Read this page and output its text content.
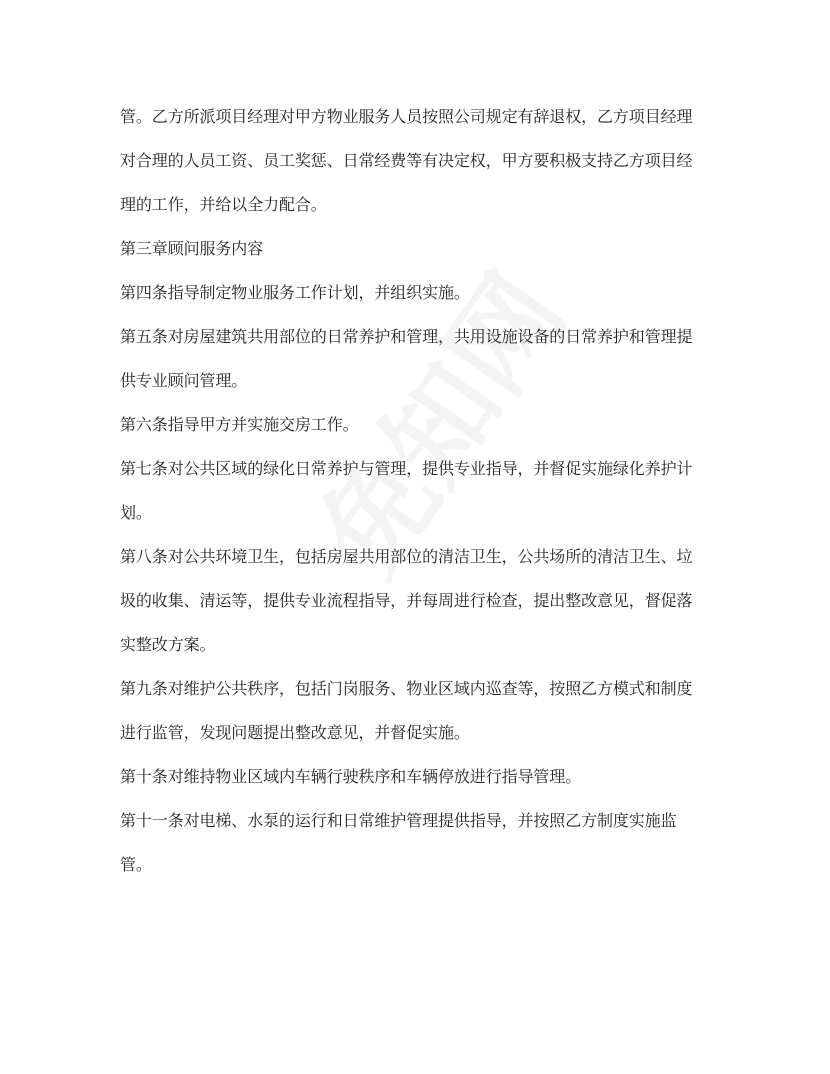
管。乙方所派项目经理对甲方物业服务人员按照公司规定有辞退权，乙方项目经理
对合理的人员工资、员工奖惩、日常经费等有决定权，甲方要积极支持乙方项目经
理的工作，并给以全力配合。
第三章顾问服务内容
第四条指导制定物业服务工作计划，并组织实施。
第五条对房屋建筑共用部位的日常养护和管理，共用设施设备的日常养护和管理提
供专业顾问管理。
第六条指导甲方并实施交房工作。
第七条对公共区域的绿化日常养护与管理，提供专业指导，并督促实施绿化养护计
划。
第八条对公共环境卫生，包括房屋共用部位的清洁卫生，公共场所的清洁卫生、垃
圾的收集、清运等，提供专业流程指导，并每周进行检查，提出整改意见，督促落
实整改方案。
第九条对维护公共秩序，包括门岗服务、物业区域内巡查等，按照乙方模式和制度
进行监管，发现问题提出整改意见，并督促实施。
第十条对维持物业区域内车辆行驶秩序和车辆停放进行指导管理。
第十一条对电梯、水泵的运行和日常维护管理提供指导，并按照乙方制度实施监
管。
